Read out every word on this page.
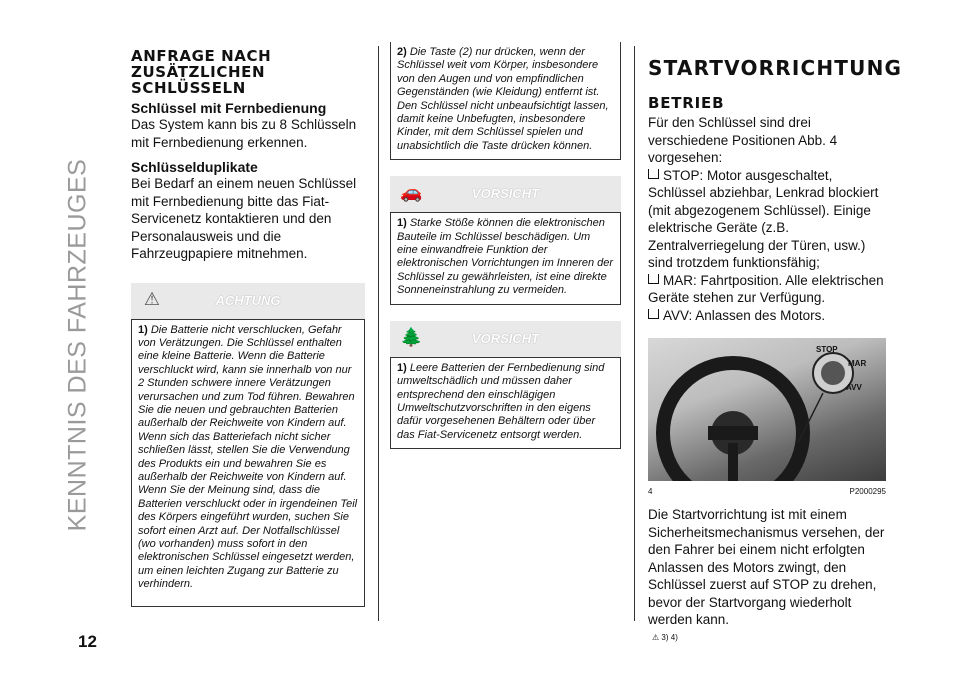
KENNTNIS DES FAHRZEUGES
12
ANFRAGE NACH
ZUSÄTZLICHEN
SCHLÜSSELN
Schlüssel mit Fernbedienung

Das System kann bis zu 8 Schlüsseln mit Fernbedienung erkennen.

Schlüsselduplikate

Bei Bedarf an einem neuen Schlüssel mit Fernbedienung bitte das Fiat-Servicenetz kontaktieren und den Personalausweis und die Fahrzeugpapiere mitnehmen.

⚠	ACHTUNG
1) Die Batterie nicht verschlucken, Gefahr von Verätzungen. Die Schlüssel enthalten eine kleine Batterie. Wenn die Batterie verschluckt wird, kann sie innerhalb von nur 2 Stunden schwere innere Verätzungen verursachen und zum Tod führen. Bewahren Sie die neuen und gebrauchten Batterien außerhalb der Reichweite von Kindern auf. Wenn sich das Batteriefach nicht sicher schließen lässt, stellen Sie die Verwendung des Produkts ein und bewahren Sie es außerhalb der Reichweite von Kindern auf. Wenn Sie der Meinung sind, dass die Batterien verschluckt oder in irgendeinen Teil des Körpers eingeführt wurden, suchen Sie sofort einen Arzt auf. Der Notfallschlüssel (wo vorhanden) muss sofort in den elektronischen Schlüssel eingesetzt werden, um einen leichten Zugang zur Batterie zu verhindern.
2) Die Taste (2) nur drücken, wenn der Schlüssel weit vom Körper, insbesondere von den Augen und von empfindlichen Gegenständen (wie Kleidung) entfernt ist. Den Schlüssel nicht unbeaufsichtigt lassen, damit keine Unbefugten, insbesondere Kinder, mit dem Schlüssel spielen und unabsichtlich die Taste drücken können.
🚗	VORSICHT
1) Starke Stöße können die elektronischen Bauteile im Schlüssel beschädigen. Um eine einwandfreie Funktion der elektronischen Vorrichtungen im Inneren der Schlüssel zu gewährleisten, ist eine direkte Sonneneinstrahlung zu vermeiden.
🌲	VORSICHT
1) Leere Batterien der Fernbedienung sind umweltschädlich und müssen daher entsprechend den einschlägigen Umweltschutzvorschriften in den eigens dafür vorgesehenen Behältern oder über das Fiat-Servicenetz entsorgt werden.
STARTVORRICHTUNG
BETRIEB

Für den Schlüssel sind drei verschiedene Positionen Abb. 4 vorgesehen:

STOP: Motor ausgeschaltet, Schlüssel abziehbar, Lenkrad blockiert (mit abgezogenem Schlüssel). Einige elektrische Geräte (z.B. Zentralverriegelung der Türen, usw.) sind trotzdem funktionsfähig;

MAR: Fahrtposition. Alle elektrischen Geräte stehen zur Verfügung.

AVV: Anlassen des Motors.

STOP
MAR
AVV
4	P2000295

Die Startvorrichtung ist mit einem Sicherheitsmechanismus versehen, der den Fahrer bei einem nicht erfolgten Anlassen des Motors zwingt, den Schlüssel zuerst auf STOP zu drehen, bevor der Startvorgang wiederholt werden kann.

⚠ 3) 4)
